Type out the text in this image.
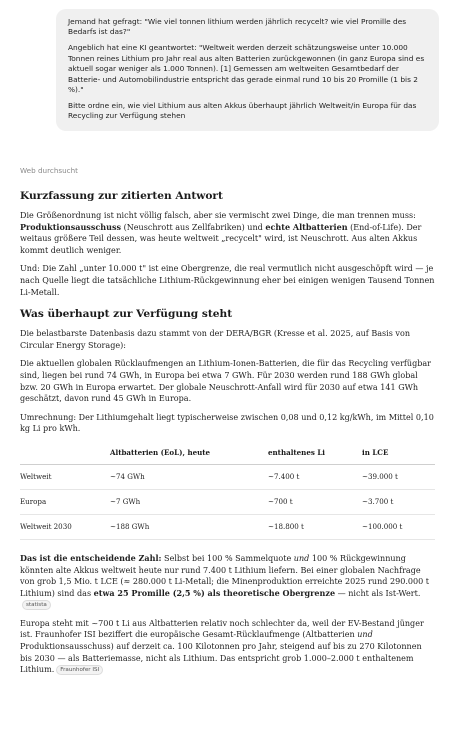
Jemand hat gefragt: "Wie viel tonnen lithium werden jährlich recycelt? wie viel Promille des Bedarfs ist das?"

Angeblich hat eine KI geantwortet: "Weltweit werden derzeit schätzungsweise unter 10.000 Tonnen reines Lithium pro Jahr real aus alten Batterien zurückgewonnen (in ganz Europa sind es aktuell sogar weniger als 1.000 Tonnen). [1] Gemessen am weltweiten Gesamtbedarf der Batterie- und Automobilindustrie entspricht das gerade einmal rund 10 bis 20 Promille (1 bis 2 %)."

Bitte ordne ein, wie viel Lithium aus alten Akkus überhaupt jährlich Weltweit/in Europa für das Recycling zur Verfügung stehen

Web durchsucht
Kurzfassung zur zitierten Antwort

Die Größenordnung ist nicht völlig falsch, aber sie vermischt zwei Dinge, die man trennen muss: Produktionsausschuss (Neuschrott aus Zellfabriken) und echte Altbatterien (End-of-Life). Der weitaus größere Teil dessen, was heute weltweit „recycelt" wird, ist Neuschrott. Aus alten Akkus kommt deutlich weniger.

Und: Die Zahl „unter 10.000 t" ist eine Obergrenze, die real vermutlich nicht ausgeschöpft wird — je nach Quelle liegt die tatsächliche Lithium-Rückgewinnung eher bei einigen wenigen Tausend Tonnen Li-Metall.

Was überhaupt zur Verfügung steht

Die belastbarste Datenbasis dazu stammt von der DERA/BGR (Kresse et al. 2025, auf Basis von Circular Energy Storage):

Die aktuellen globalen Rücklaufmengen an Lithium-Ionen-Batterien, die für das Recycling verfügbar sind, liegen bei rund 74 GWh, in Europa bei etwa 7 GWh. Für 2030 werden rund 188 GWh global bzw. 20 GWh in Europa erwartet. Der globale Neuschrott-Anfall wird für 2030 auf etwa 141 GWh geschätzt, davon rund 45 GWh in Europa.

Umrechnung: Der Lithiumgehalt liegt typischerweise zwischen 0,08 und 0,12 kg/kWh, im Mittel 0,10 kg Li pro kWh.

	Altbatterien (EoL), heute	enthaltenes Li	in LCE
Weltweit	~74 GWh	~7.400 t	~39.000 t
Europa	~7 GWh	~700 t	~3.700 t
Weltweit 2030	~188 GWh	~18.800 t	~100.000 t

Das ist die entscheidende Zahl: Selbst bei 100 % Sammelquote und 100 % Rückgewinnung könnten alte Akkus weltweit heute nur rund 7.400 t Lithium liefern. Bei einer globalen Nachfrage von grob 1,5 Mio. t LCE (≈ 280.000 t Li-Metall; die Minenproduktion erreichte 2025 rund 290.000 t Lithium) sind das etwa 25 Promille (2,5 %) als theoretische Obergrenze — nicht als Ist-Wert.statista

Europa steht mit ~700 t Li aus Altbatterien relativ noch schlechter da, weil der EV-Bestand jünger ist. Fraunhofer ISI beziffert die europäische Gesamt-Rücklaufmenge (Altbatterien und Produktionsausschuss) auf derzeit ca. 100 Kilotonnen pro Jahr, steigend auf bis zu 270 Kilotonnen bis 2030 — als Batteriemasse, nicht als Lithium. Das entspricht grob 1.000–2.000 t enthaltenem Lithium. Fraunhofer ISI
